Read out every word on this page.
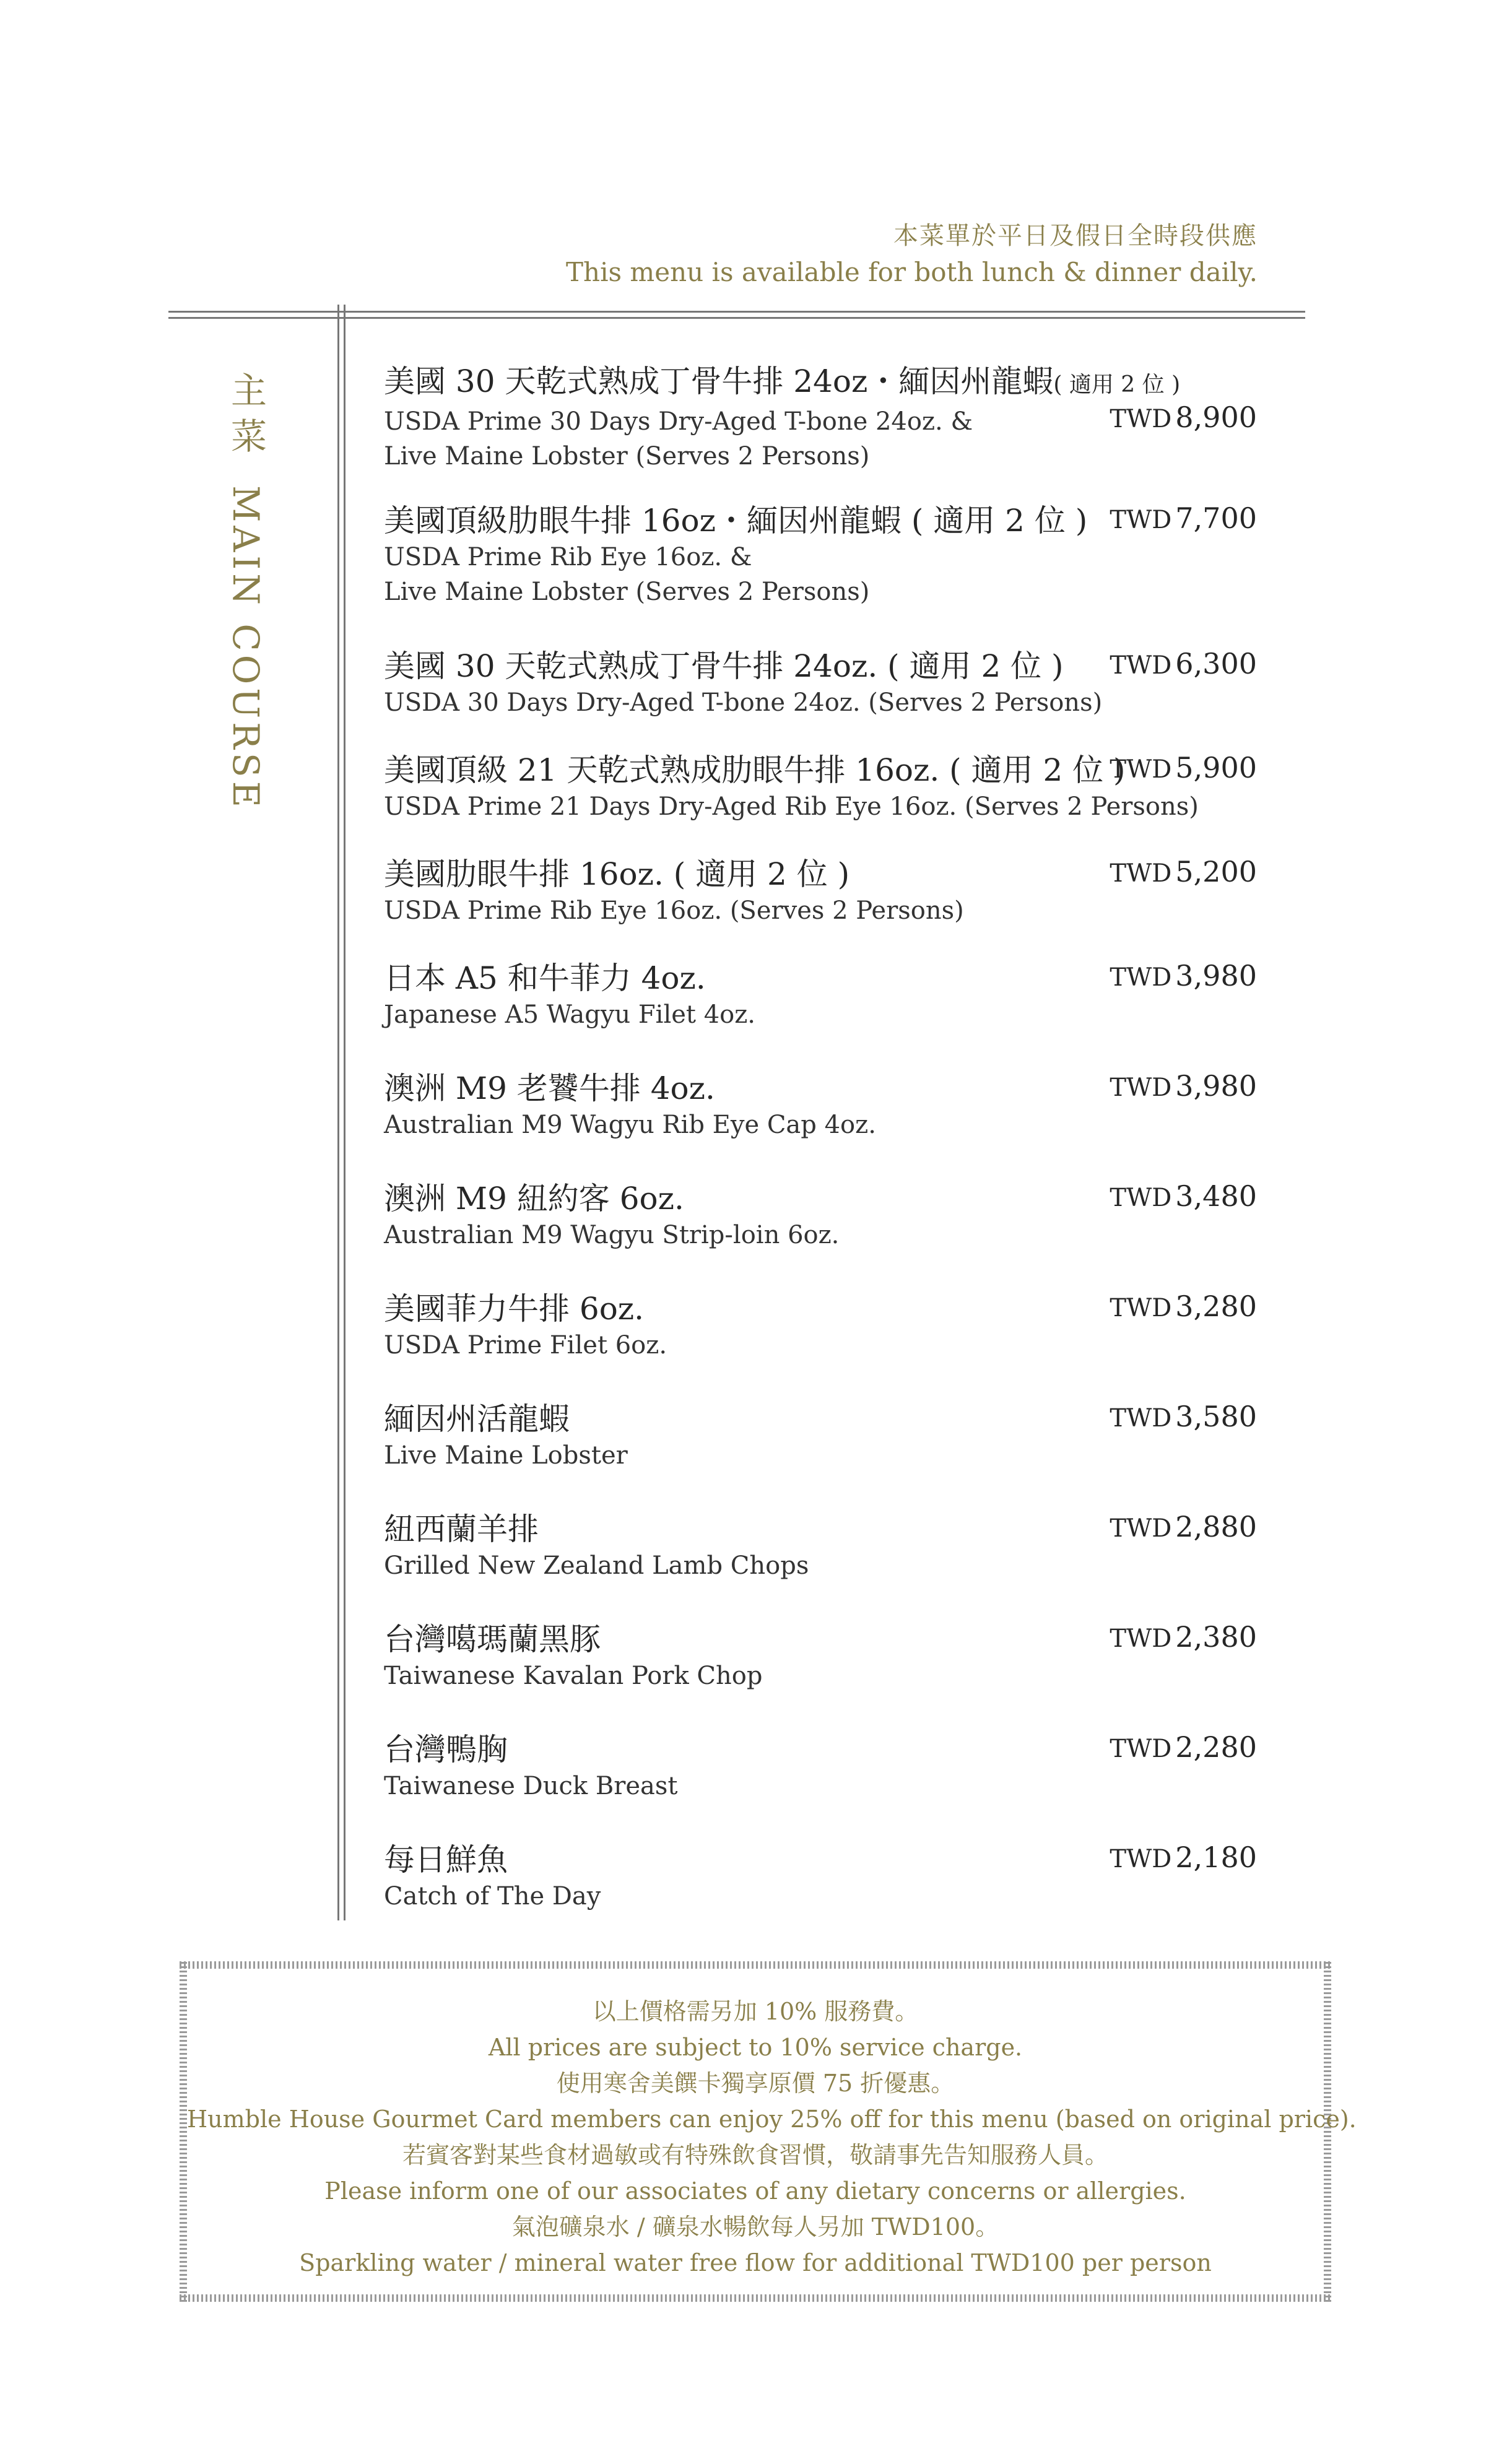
本菜單於平日及假日全時段供應
This menu is available for both lunch & dinner daily.
主菜MAIN COURSE
美國 30 天乾式熟成丁骨牛排 24oz・緬因州龍蝦( 適用 2 位 )
USDA Prime 30 Days Dry-Aged T-bone 24oz. &
Live Maine Lobster (Serves 2 Persons)
TWD 8,900
美國頂級肋眼牛排 16oz・緬因州龍蝦 ( 適用 2 位 )
USDA Prime Rib Eye 16oz. &
Live Maine Lobster (Serves 2 Persons)
TWD 7,700
美國 30 天乾式熟成丁骨牛排 24oz. ( 適用 2 位 )
USDA 30 Days Dry-Aged T-bone 24oz. (Serves 2 Persons)
TWD 6,300
美國頂級 21 天乾式熟成肋眼牛排 16oz. ( 適用 2 位 )
USDA Prime 21 Days Dry-Aged Rib Eye 16oz. (Serves 2 Persons)
TWD 5,900
美國肋眼牛排 16oz. ( 適用 2 位 )
USDA Prime Rib Eye 16oz. (Serves 2 Persons)
TWD 5,200
日本 A5 和牛菲力 4oz.
Japanese A5 Wagyu Filet 4oz.
TWD 3,980
澳洲 M9 老饕牛排 4oz.
Australian M9 Wagyu Rib Eye Cap 4oz.
TWD 3,980
澳洲 M9 紐約客 6oz.
Australian M9 Wagyu Strip-loin 6oz.
TWD 3,480
美國菲力牛排 6oz.
USDA Prime Filet 6oz.
TWD 3,280
緬因州活龍蝦
Live Maine Lobster
TWD 3,580
紐西蘭羊排
Grilled New Zealand Lamb Chops
TWD 2,880
台灣噶瑪蘭黑豚
Taiwanese Kavalan Pork Chop
TWD 2,380
台灣鴨胸
Taiwanese Duck Breast
TWD 2,280
每日鮮魚
Catch of The Day
TWD 2,180
以上價格需另加 10% 服務費。
All prices are subject to 10% service charge.
使用寒舍美饌卡獨享原價 75 折優惠。
Humble House Gourmet Card members can enjoy 25% off for this menu (based on original price).
若賓客對某些食材過敏或有特殊飲食習慣，敬請事先告知服務人員。
Please inform one of our associates of any dietary concerns or allergies.
氣泡礦泉水 / 礦泉水暢飲每人另加 TWD100。
Sparkling water / mineral water free flow for additional TWD100 per person
